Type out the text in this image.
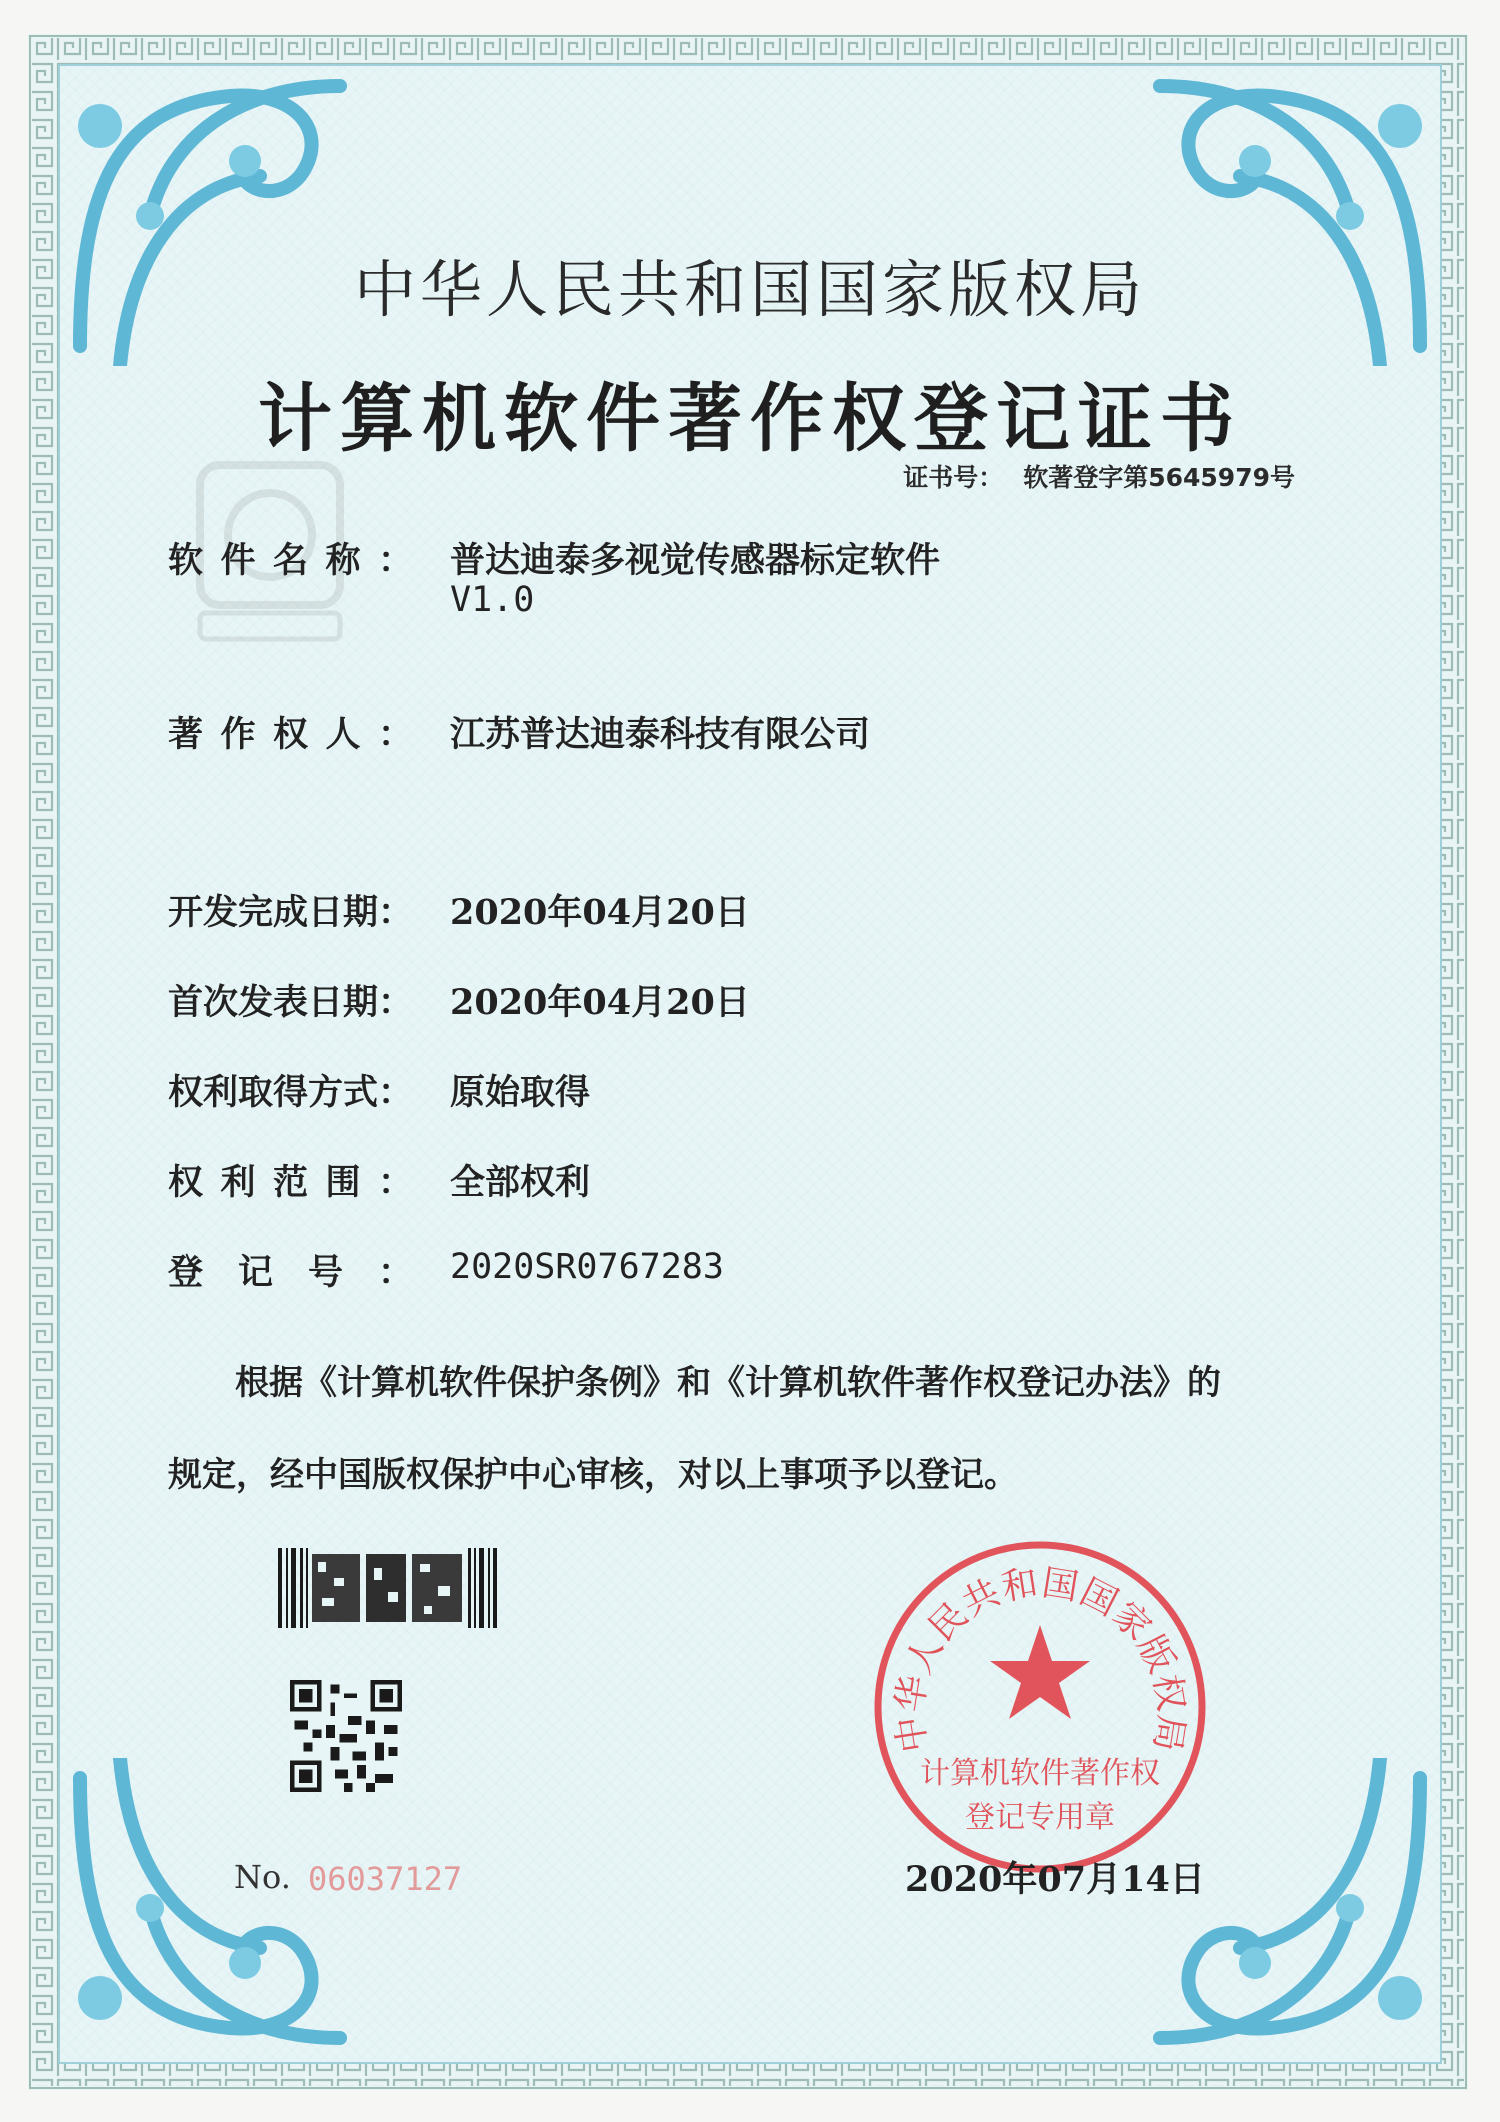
中华人民共和国国家版权局
计算机软件著作权登记证书
证书号： 软著登字第5645979号
软件名称： 普达迪泰多视觉传感器标定软件
V1.0
著作权人： 江苏普达迪泰科技有限公司
开发完成日期： 2020年04月20日
首次发表日期： 2020年04月20日
权利取得方式： 原始取得
权利范围： 全部权利
登记号： 2020SR0767283
根据《计算机软件保护条例》和《计算机软件著作权登记办法》的
规定，经中国版权保护中心审核，对以上事项予以登记。
No. 06037127
中华人民共和国国家版权局
计算机软件著作权
登记专用章
2020年07月14日
